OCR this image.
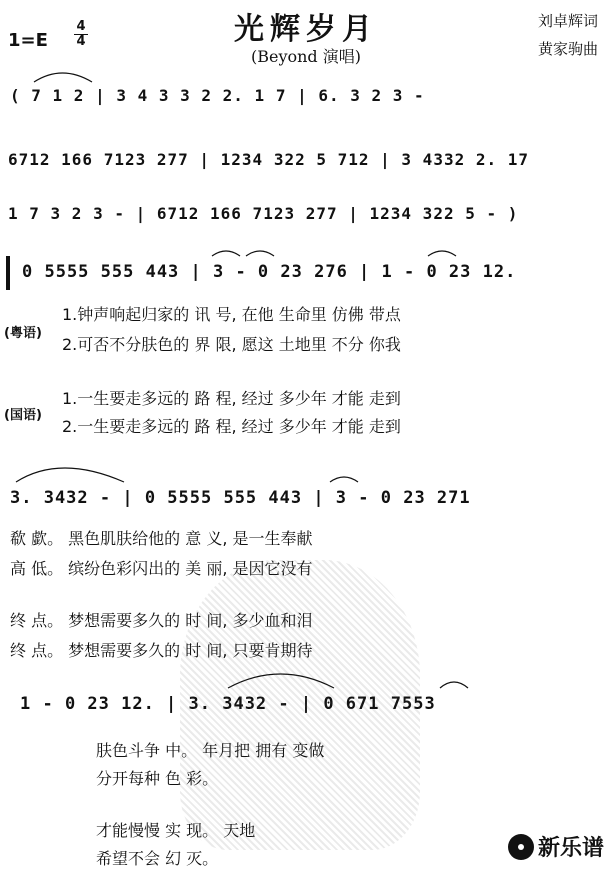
1=E
4
4	光辉岁月
(Beyond 演唱)
刘卓辉词
黄家驹曲
( 7 1 2 | 3 4 3 3 2 2. 1 7 | 6. 3 2 3 -
6712 166 7123 277 | 1234 322 5 712 | 3 4332 2. 17
1 7 3 2 3 - | 6712 166 7123 277 | 1234 322 5 - )
0 5555 555 443 | 3 - 0 23 276 | 1 - 0 23 12.
(粤语)
1.钟声响起归家的 讯 号, 在他 生命里 仿佛 带点
2.可否不分肤色的 界 限, 愿这 土地里 不分 你我
(国语)
1.一生要走多远的 路 程, 经过 多少年 才能 走到
2.一生要走多远的 路 程, 经过 多少年 才能 走到
3. 3432 - | 0 5555 555 443 | 3 - 0 23 271
欷 歔。 黑色肌肤给他的 意 义, 是一生奉献
高 低。 缤纷色彩闪出的 美 丽, 是因它没有
终 点。 梦想需要多久的 时 间, 多少血和泪
终 点。 梦想需要多久的 时 间, 只要肯期待
1 - 0 23 12. | 3. 3432 - | 0 671 7553
肤色斗争 中。 年月把 拥有 变做
分开每种 色 彩。
才能慢慢 实 现。 天地
希望不会 幻 灭。	新乐谱
